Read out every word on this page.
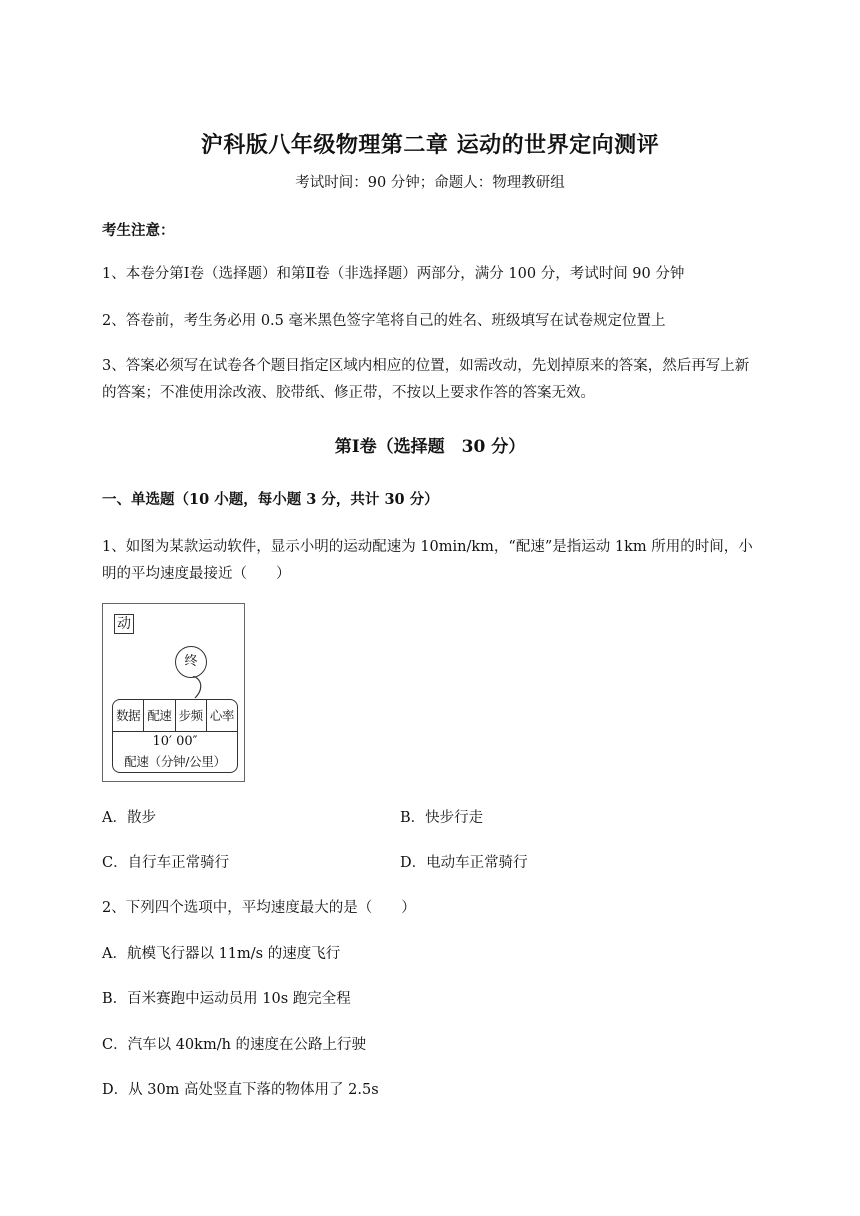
沪科版八年级物理第二章 运动的世界定向测评
考试时间：90 分钟；命题人：物理教研组
考生注意：
1、本卷分第Ⅰ卷（选择题）和第Ⅱ卷（非选择题）两部分，满分 100 分，考试时间 90 分钟
2、答卷前，考生务必用 0.5 毫米黑色签字笔将自己的姓名、班级填写在试卷规定位置上
3、答案必须写在试卷各个题目指定区域内相应的位置，如需改动，先划掉原来的答案，然后再写上新
的答案；不准使用涂改液、胶带纸、修正带，不按以上要求作答的答案无效。
第Ⅰ卷（选择题　30 分）
一、单选题（10 小题，每小题 3 分，共计 30 分）
1、如图为某款运动软件，显示小明的运动配速为 10min/km，“配速”是指运动 1km 所用的时间，小
明的平均速度最接近（　　）
动
终
数据 配速 步频 心率
10′ 00″
配速（分钟/公里）
A．散步	B．快步行走
C．自行车正常骑行	D．电动车正常骑行
2、下列四个选项中，平均速度最大的是（　　）
A．航模飞行器以 11m/s 的速度飞行
B．百米赛跑中运动员用 10s 跑完全程
C．汽车以 40km/h 的速度在公路上行驶
D．从 30m 高处竖直下落的物体用了 2.5s
